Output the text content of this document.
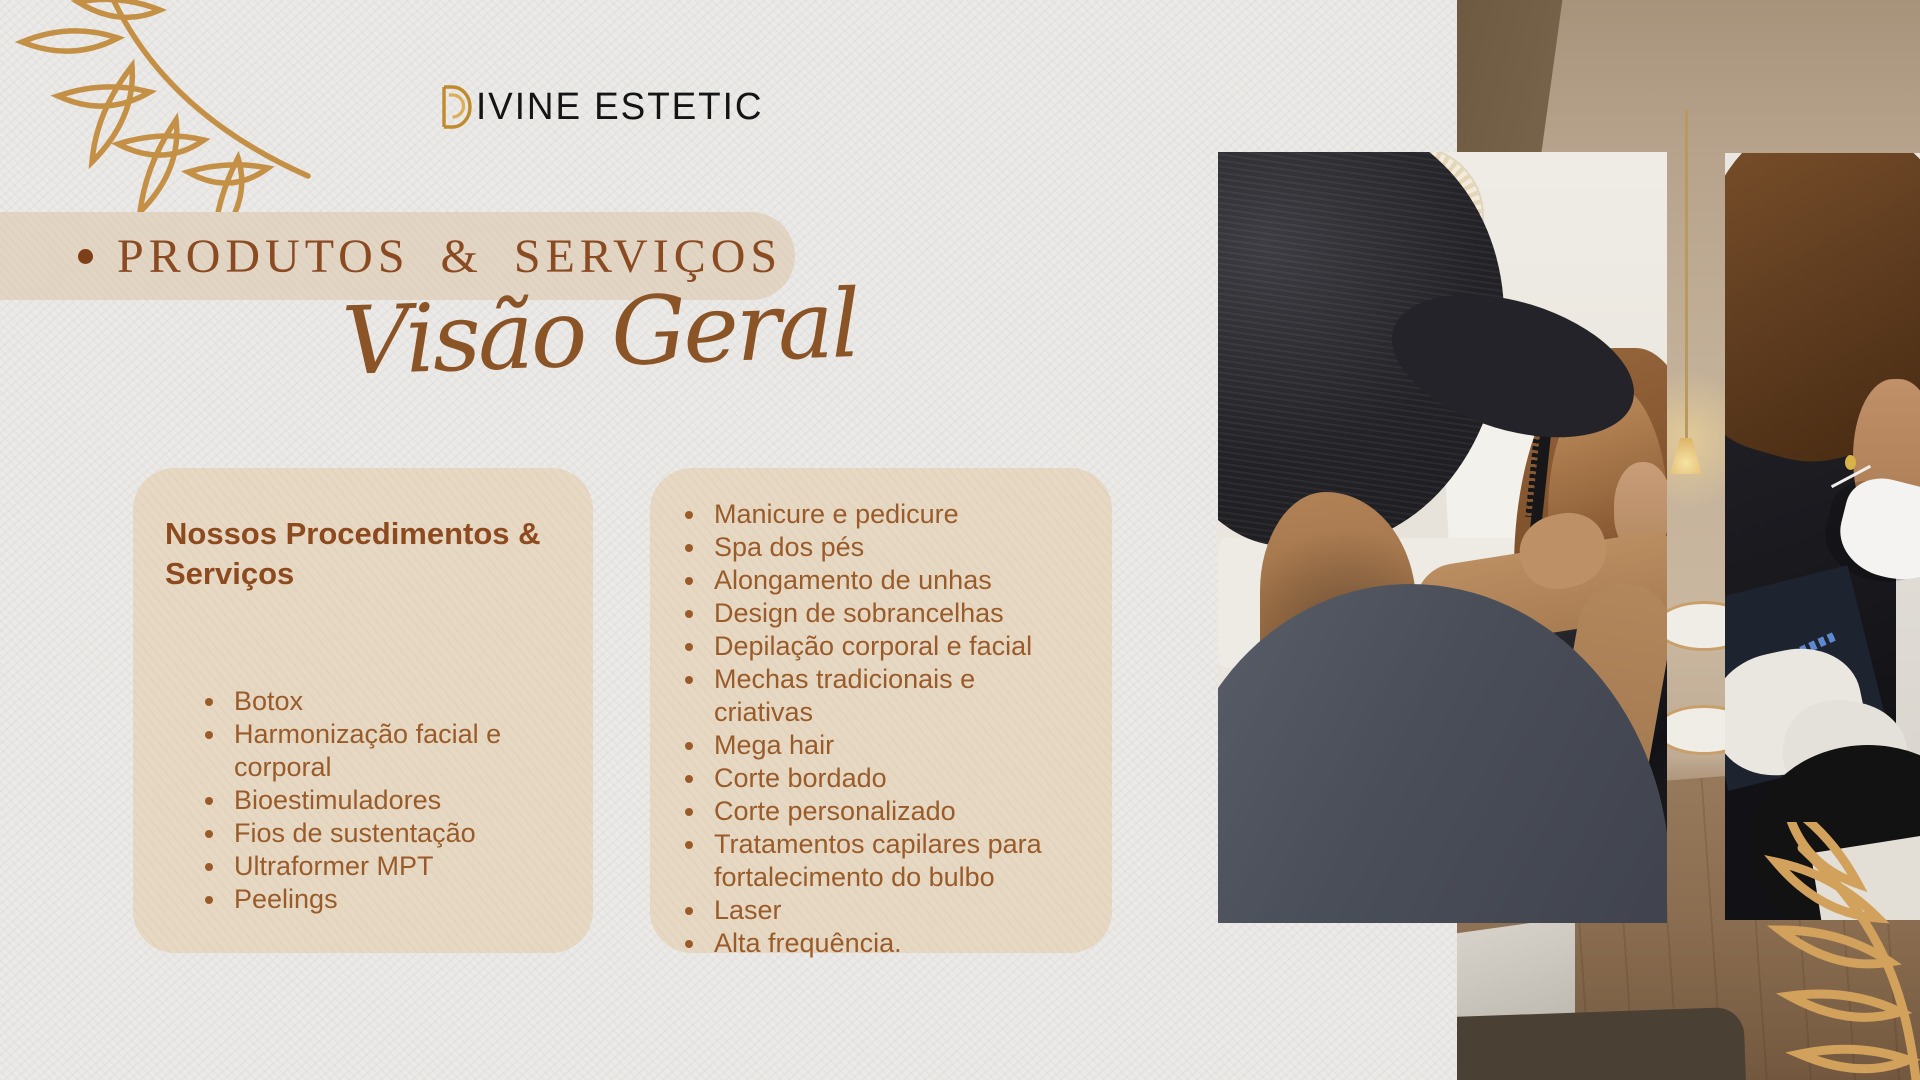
IVINE ESTETIC
PRODUTOS & SERVIÇOS
Visão Geral
Nossos Procedimentos & Serviços
• Botox
• Harmonização facial e corporal
• Bioestimuladores
• Fios de sustentação
• Ultraformer MPT
• Peelings
• Manicure e pedicure
• Spa dos pés
• Alongamento de unhas
• Design de sobrancelhas
• Depilação corporal e facial
• Mechas tradicionais e criativas
• Mega hair
• Corte bordado
• Corte personalizado
• Tratamentos capilares para fortalecimento do bulbo
• Laser
• Alta frequência.
